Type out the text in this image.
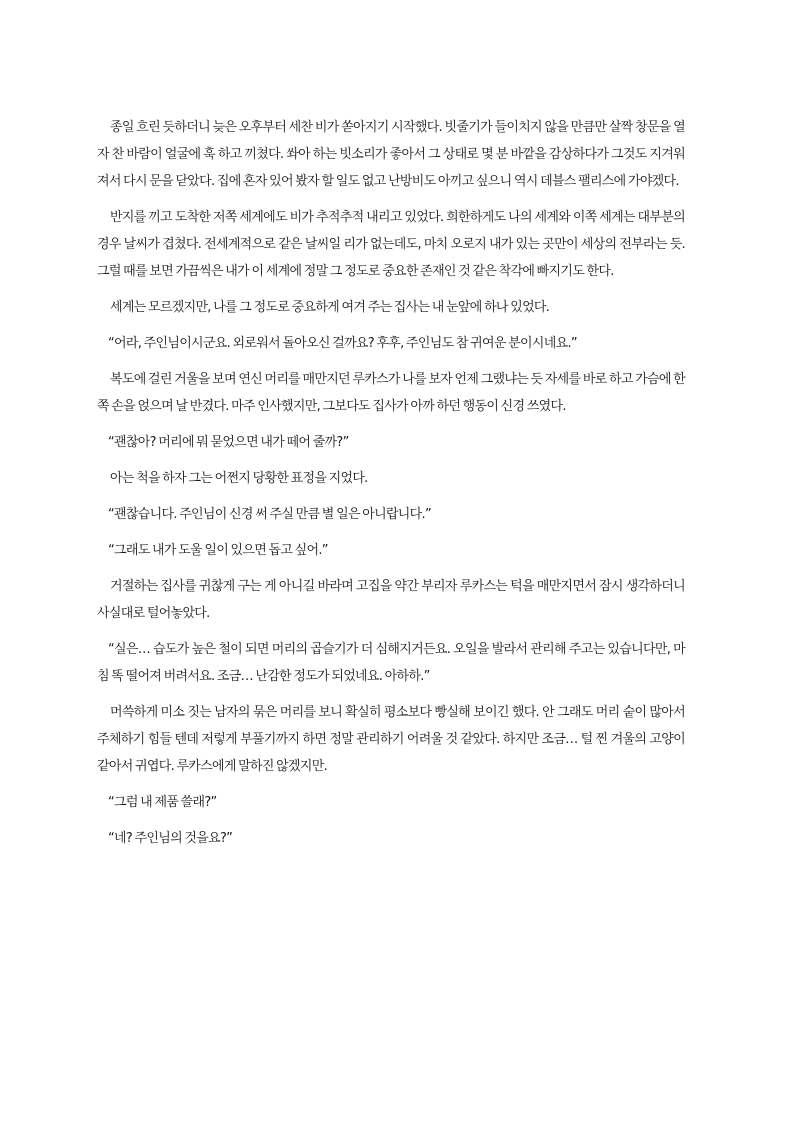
종일 흐린 듯하더니 늦은 오후부터 세찬 비가 쏟아지기 시작했다. 빗줄기가 들이치지 않을 만큼만 살짝 창문을 열자 찬 바람이 얼굴에 훅 하고 끼쳤다. 쏴아 하는 빗소리가 좋아서 그 상태로 몇 분 바깥을 감상하다가 그것도 지겨워져서 다시 문을 닫았다. 집에 혼자 있어 봤자 할 일도 없고 난방비도 아끼고 싶으니 역시 데블스 팰리스에 가야겠다.

반지를 끼고 도착한 저쪽 세계에도 비가 추적추적 내리고 있었다. 희한하게도 나의 세계와 이쪽 세계는 대부분의 경우 날씨가 겹쳤다. 전세계적으로 같은 날씨일 리가 없는데도, 마치 오로지 내가 있는 곳만이 세상의 전부라는 듯. 그럴 때를 보면 가끔씩은 내가 이 세계에 정말 그 정도로 중요한 존재인 것 같은 착각에 빠지기도 한다.

세계는 모르겠지만, 나를 그 정도로 중요하게 여겨 주는 집사는 내 눈앞에 하나 있었다.

“어라, 주인님이시군요. 외로워서 돌아오신 걸까요? 후후, 주인님도 참 귀여운 분이시네요.”

복도에 걸린 거울을 보며 연신 머리를 매만지던 루카스가 나를 보자 언제 그랬냐는 듯 자세를 바로 하고 가슴에 한쪽 손을 얹으며 날 반겼다. 마주 인사했지만, 그보다도 집사가 아까 하던 행동이 신경 쓰였다.

“괜찮아? 머리에 뭐 묻었으면 내가 떼어 줄까?”

아는 척을 하자 그는 어쩐지 당황한 표정을 지었다.

“괜찮습니다. 주인님이 신경 써 주실 만큼 별 일은 아니랍니다.”

“그래도 내가 도울 일이 있으면 돕고 싶어.”

거절하는 집사를 귀찮게 구는 게 아니길 바라며 고집을 약간 부리자 루카스는 턱을 매만지면서 잠시 생각하더니 사실대로 털어놓았다.

“실은… 습도가 높은 철이 되면 머리의 곱슬기가 더 심해지거든요. 오일을 발라서 관리해 주고는 있습니다만, 마침 똑 떨어져 버려서요. 조금… 난감한 정도가 되었네요. 아하하.”

머쓱하게 미소 짓는 남자의 묶은 머리를 보니 확실히 평소보다 빵실해 보이긴 했다. 안 그래도 머리 숱이 많아서 주체하기 힘들 텐데 저렇게 부풀기까지 하면 정말 관리하기 어려울 것 같았다. 하지만 조금… 털 찐 겨울의 고양이 같아서 귀엽다. 루카스에게 말하진 않겠지만.

“그럼 내 제품 쓸래?”

“네? 주인님의 것을요?”
